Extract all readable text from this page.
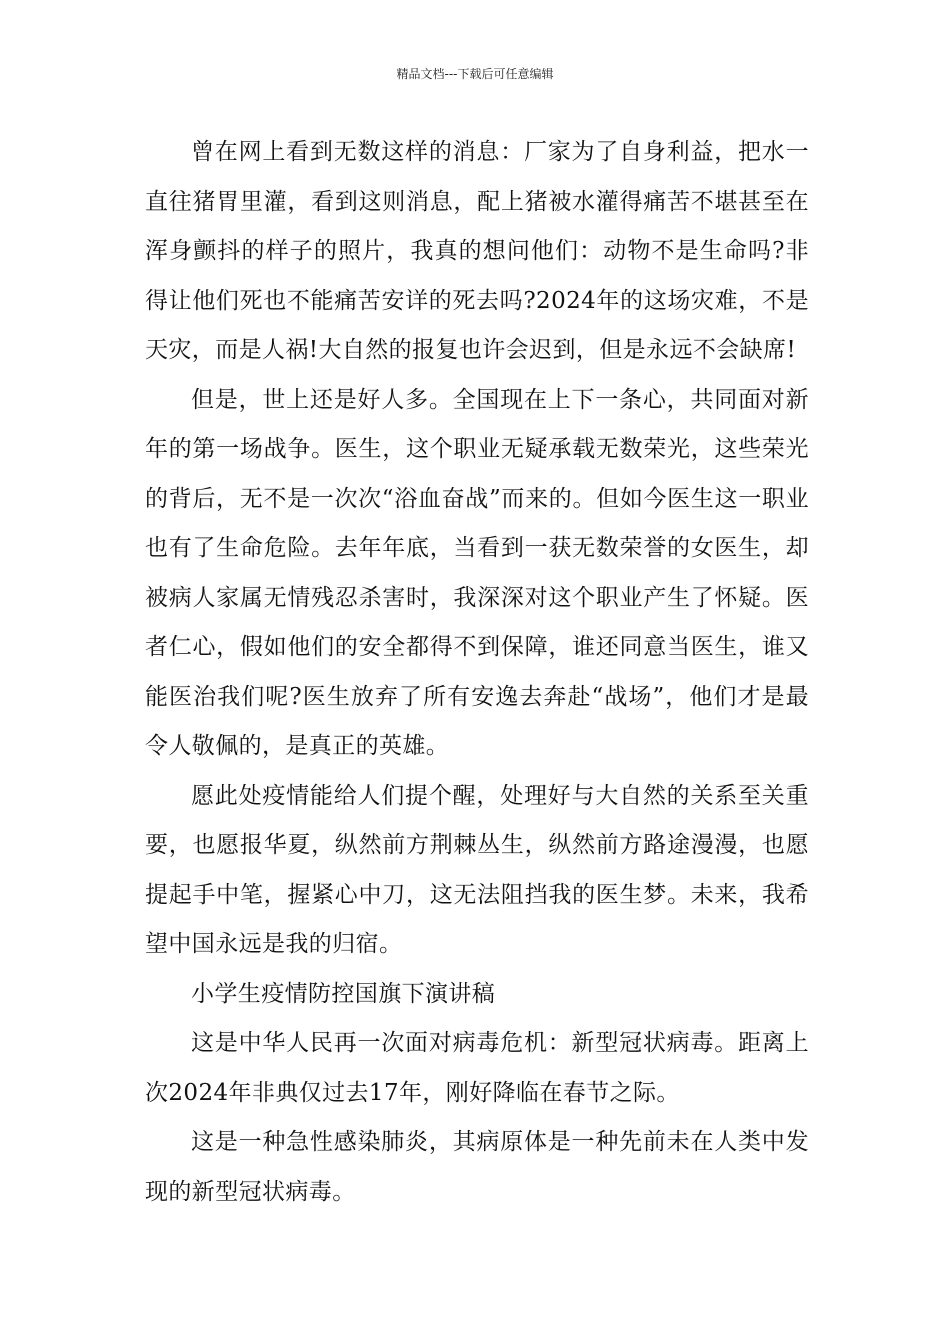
精品文档---下载后可任意编辑

曾在网上看到无数这样的消息：厂家为了自身利益，把水一直往猪胃里灌，看到这则消息，配上猪被水灌得痛苦不堪甚至在浑身颤抖的样子的照片，我真的想问他们：动物不是生命吗?非得让他们死也不能痛苦安详的死去吗?2024年的这场灾难，不是天灾，而是人祸!大自然的报复也许会迟到，但是永远不会缺席!

但是，世上还是好人多。全国现在上下一条心，共同面对新年的第一场战争。医生，这个职业无疑承载无数荣光，这些荣光的背后，无不是一次次“浴血奋战”而来的。但如今医生这一职业也有了生命危险。去年年底，当看到一获无数荣誉的女医生，却被病人家属无情残忍杀害时，我深深对这个职业产生了怀疑。医者仁心，假如他们的安全都得不到保障，谁还同意当医生，谁又能医治我们呢?医生放弃了所有安逸去奔赴“战场”，他们才是最令人敬佩的，是真正的英雄。

愿此处疫情能给人们提个醒，处理好与大自然的关系至关重要，也愿报华夏，纵然前方荆棘丛生，纵然前方路途漫漫，也愿提起手中笔，握紧心中刀，这无法阻挡我的医生梦。未来，我希望中国永远是我的归宿。

小学生疫情防控国旗下演讲稿

这是中华人民再一次面对病毒危机：新型冠状病毒。距离上次2024年非典仅过去17年，刚好降临在春节之际。

这是一种急性感染肺炎，其病原体是一种先前未在人类中发现的新型冠状病毒。
